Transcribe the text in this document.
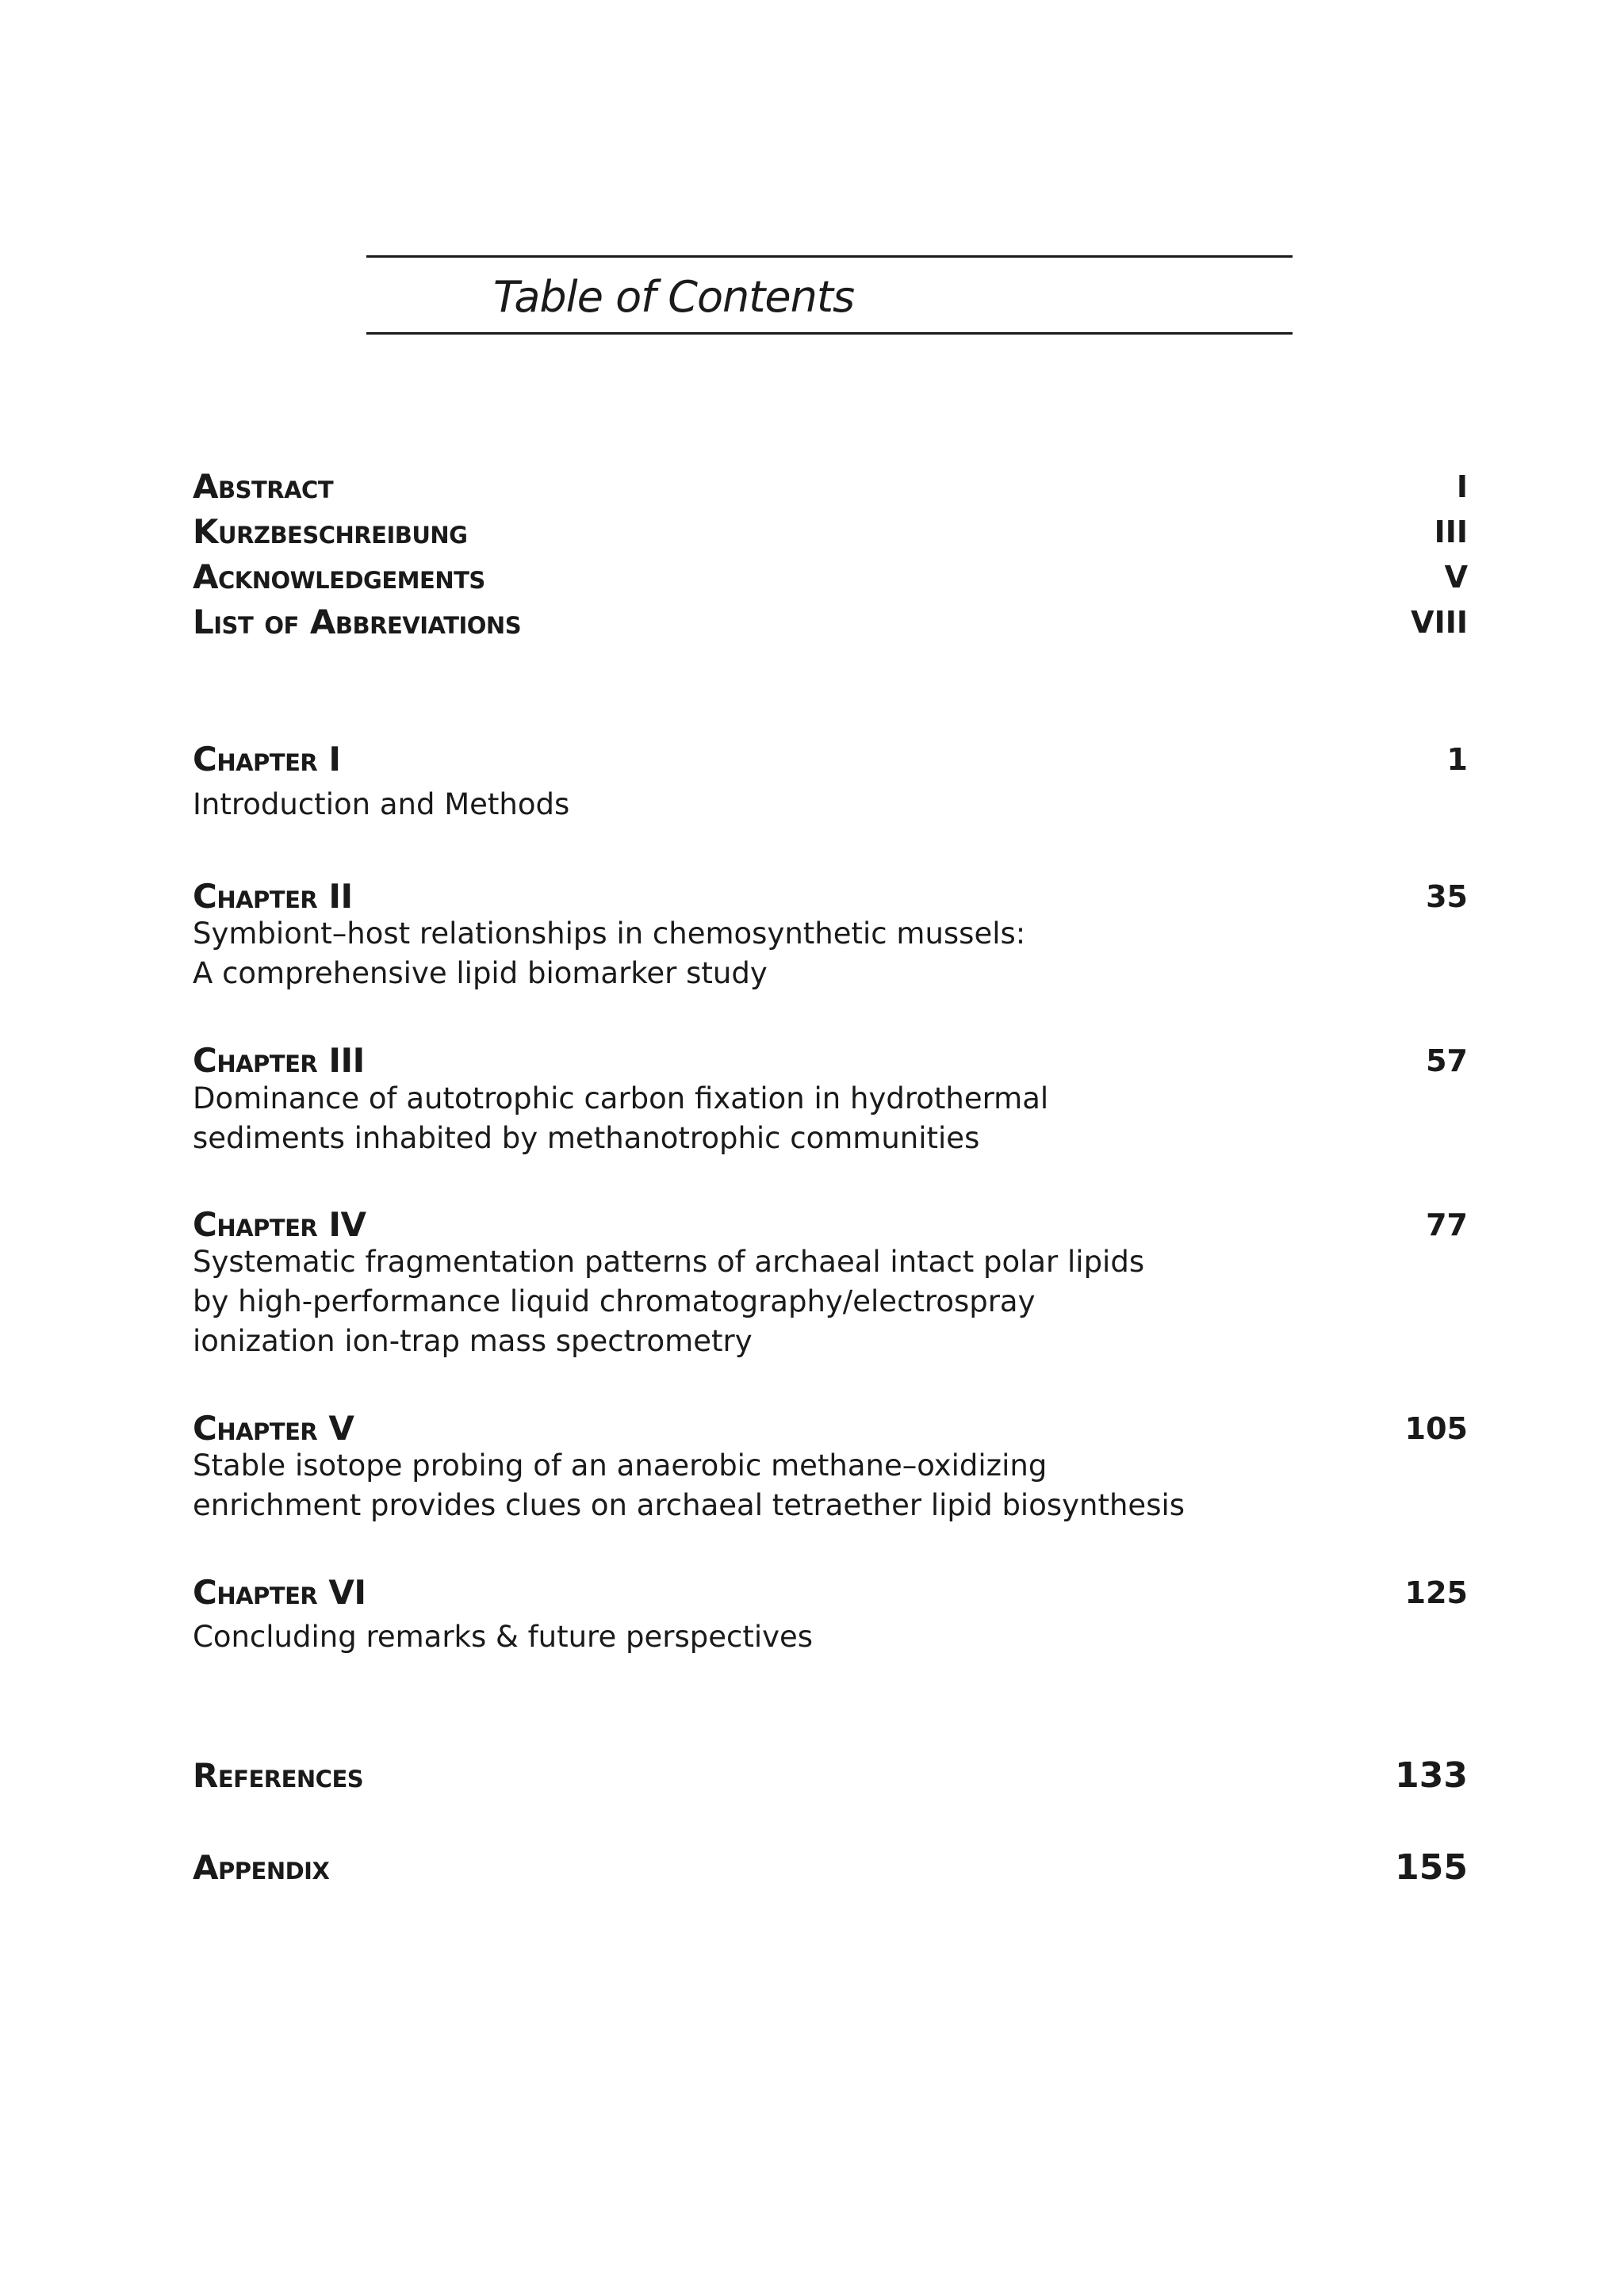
Table of Contents
Abstract	I
Kurzbeschreibung	III
Acknowledgements	V
List of Abbreviations	VIII
Chapter I	1
Introduction and Methods
Chapter II	35
Symbiont–host relationships in chemosynthetic mussels:
A comprehensive lipid biomarker study
Chapter III	57
Dominance of autotrophic carbon fixation in hydrothermal
sediments inhabited by methanotrophic communities
Chapter IV	77
Systematic fragmentation patterns of archaeal intact polar lipids
by high-performance liquid chromatography/electrospray
ionization ion-trap mass spectrometry
Chapter V	105
Stable isotope probing of an anaerobic methane–oxidizing
enrichment provides clues on archaeal tetraether lipid biosynthesis
Chapter VI	125
Concluding remarks & future perspectives
References	133
Appendix	155
